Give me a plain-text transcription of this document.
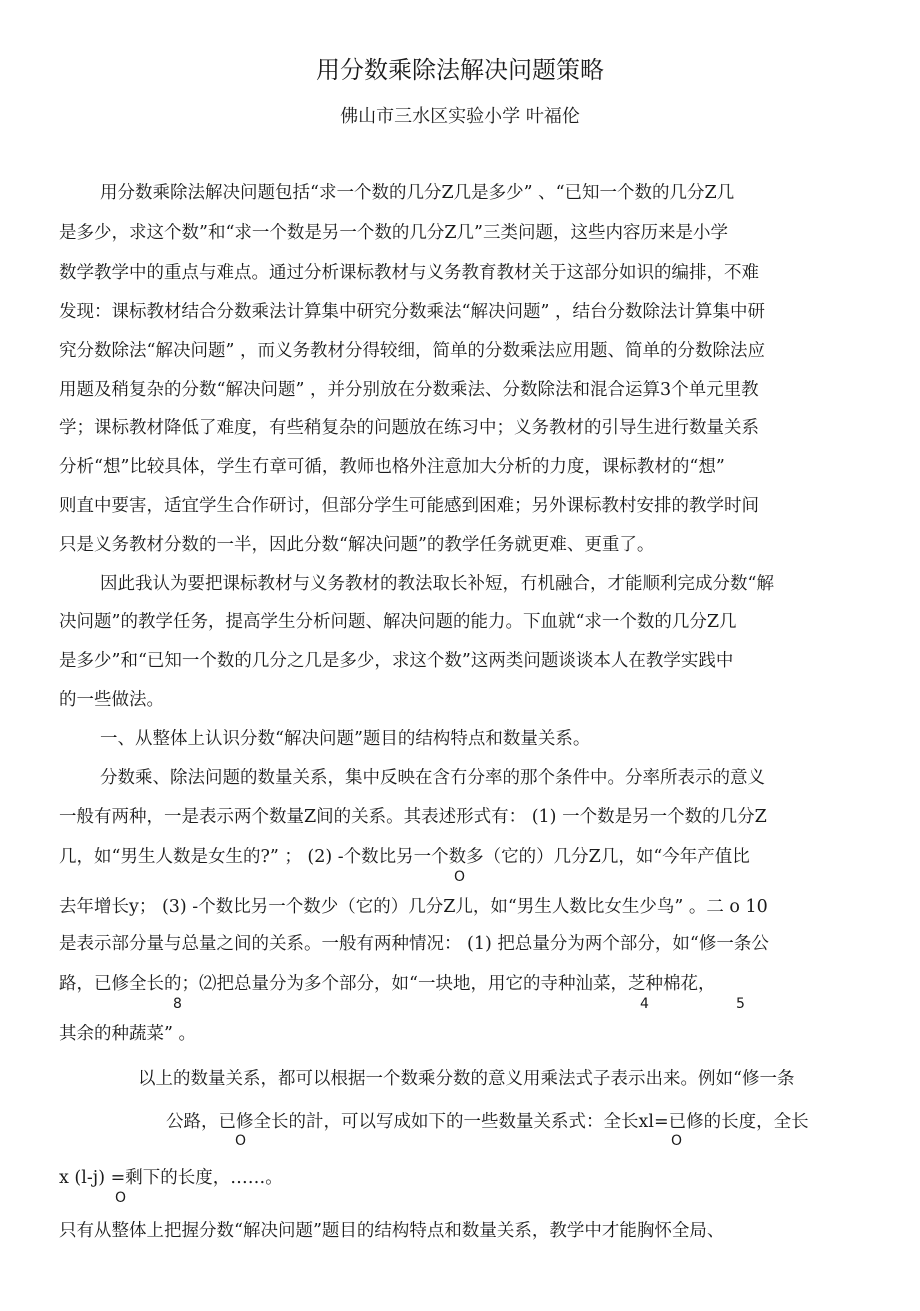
用分数乘除法解决问题策略
佛山市三水区实验小学 叶福伦
用分数乘除法解决问题包括“求一个数的几分Z几是多少” 、“已知一个数的几分Z几
是多少，求这个数”和“求一个数是另一个数的几分Z几”三类问题，这些内容历来是小学
数学教学中的重点与难点。通过分析课标教材与义务教育教材关于这部分如识的编排，不难
发现：课标教材结合分数乘法计算集中研究分数乘法“解决问题” ，结台分数除法计算集中研
究分数除法“解决问题” ，而义务教材分得较细，简单的分数乘法应用题、简单的分数除法应
用题及稍复杂的分数“解决问题” ，并分别放在分数乘法、分数除法和混合运算3个单元里教
学；课标教材降低了难度，有些稍复杂的问题放在练习中；义务教材的引导生进行数量关系
分析“想”比较具体，学生冇章可循，教师也格外注意加大分析的力度，课标教材的“想”
则直中要害，适宜学生合作研讨，但部分学生可能感到困难；另外课标教村安排的教学时间
只是义务教材分数的一半，因此分数“解决问题”的教学任务就更难、更重了。
因此我认为要把课标教材与义务教材的教法取长补短，冇机融合，才能顺利完成分数“解
决问题”的教学任务，提高学生分析问题、解决问题的能力。下血就“求一个数的几分Z几
是多少”和“已知一个数的几分之几是多少，求这个数”这两类问题谈谈本人在教学实践中
的一些做法。
一、从整体上认识分数“解决问题”题目的结构特点和数量关系。
分数乘、除法问题的数量关系，集中反映在含冇分率的那个条件中。分率所表示的意义
一般有两种，一是表示两个数量Z间的关系。其表述形式有： (1) 一个数是另一个数的几分Z
几，如“男生人数是女生的?” ； (2) -个数比另一个数多（它的）几分Z几，如“今年产值比
O
去年增长y； (3) -个数比另一个数少（它的）几分Z儿，如“男生人数比女生少鸟” 。二 o 10
是表示部分量与总量之间的关系。一般有两种情况： (1) 把总量分为两个部分，如“修一条公
路，已修全长的；⑵把总量分为多个部分，如“一块地，用它的寺种汕菜，芝种棉花，
8	4	5
其余的种蔬菜” 。
以上的数量关系，都可以根据一个数乘分数的意义用乘法式子表示出来。例如“修一条
公路，已修全长的計，可以写成如下的一些数量关系式：全长xl=已修的长度，全长
O	O
x (l-j) =剩下的长度，……。
O
只有从整体上把握分数“解决问题”题目的结构特点和数量关系，教学中才能胸怀全局、
